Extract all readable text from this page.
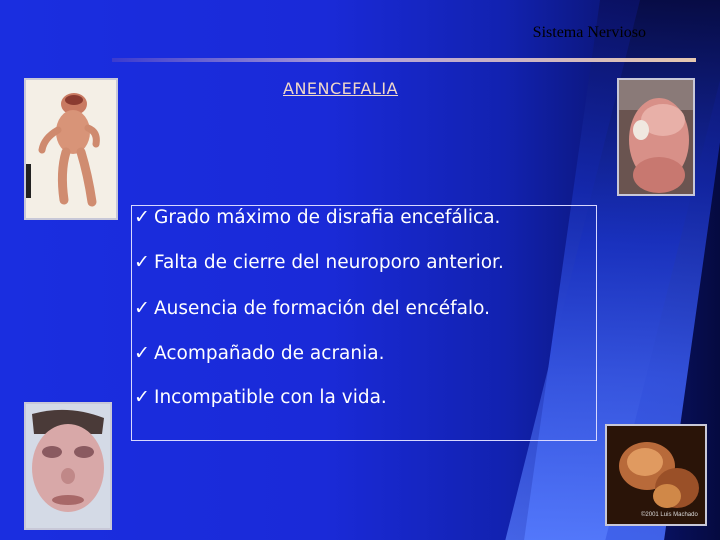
Sistema Nervioso
ANENCEFALIA
©2001 Luis Machado
✓ Grado máximo de disrafia encefálica.
✓ Falta de cierre del neuroporo anterior.
✓ Ausencia de formación del encéfalo.
✓ Acompañado de acrania.
✓ Incompatible con la vida.
